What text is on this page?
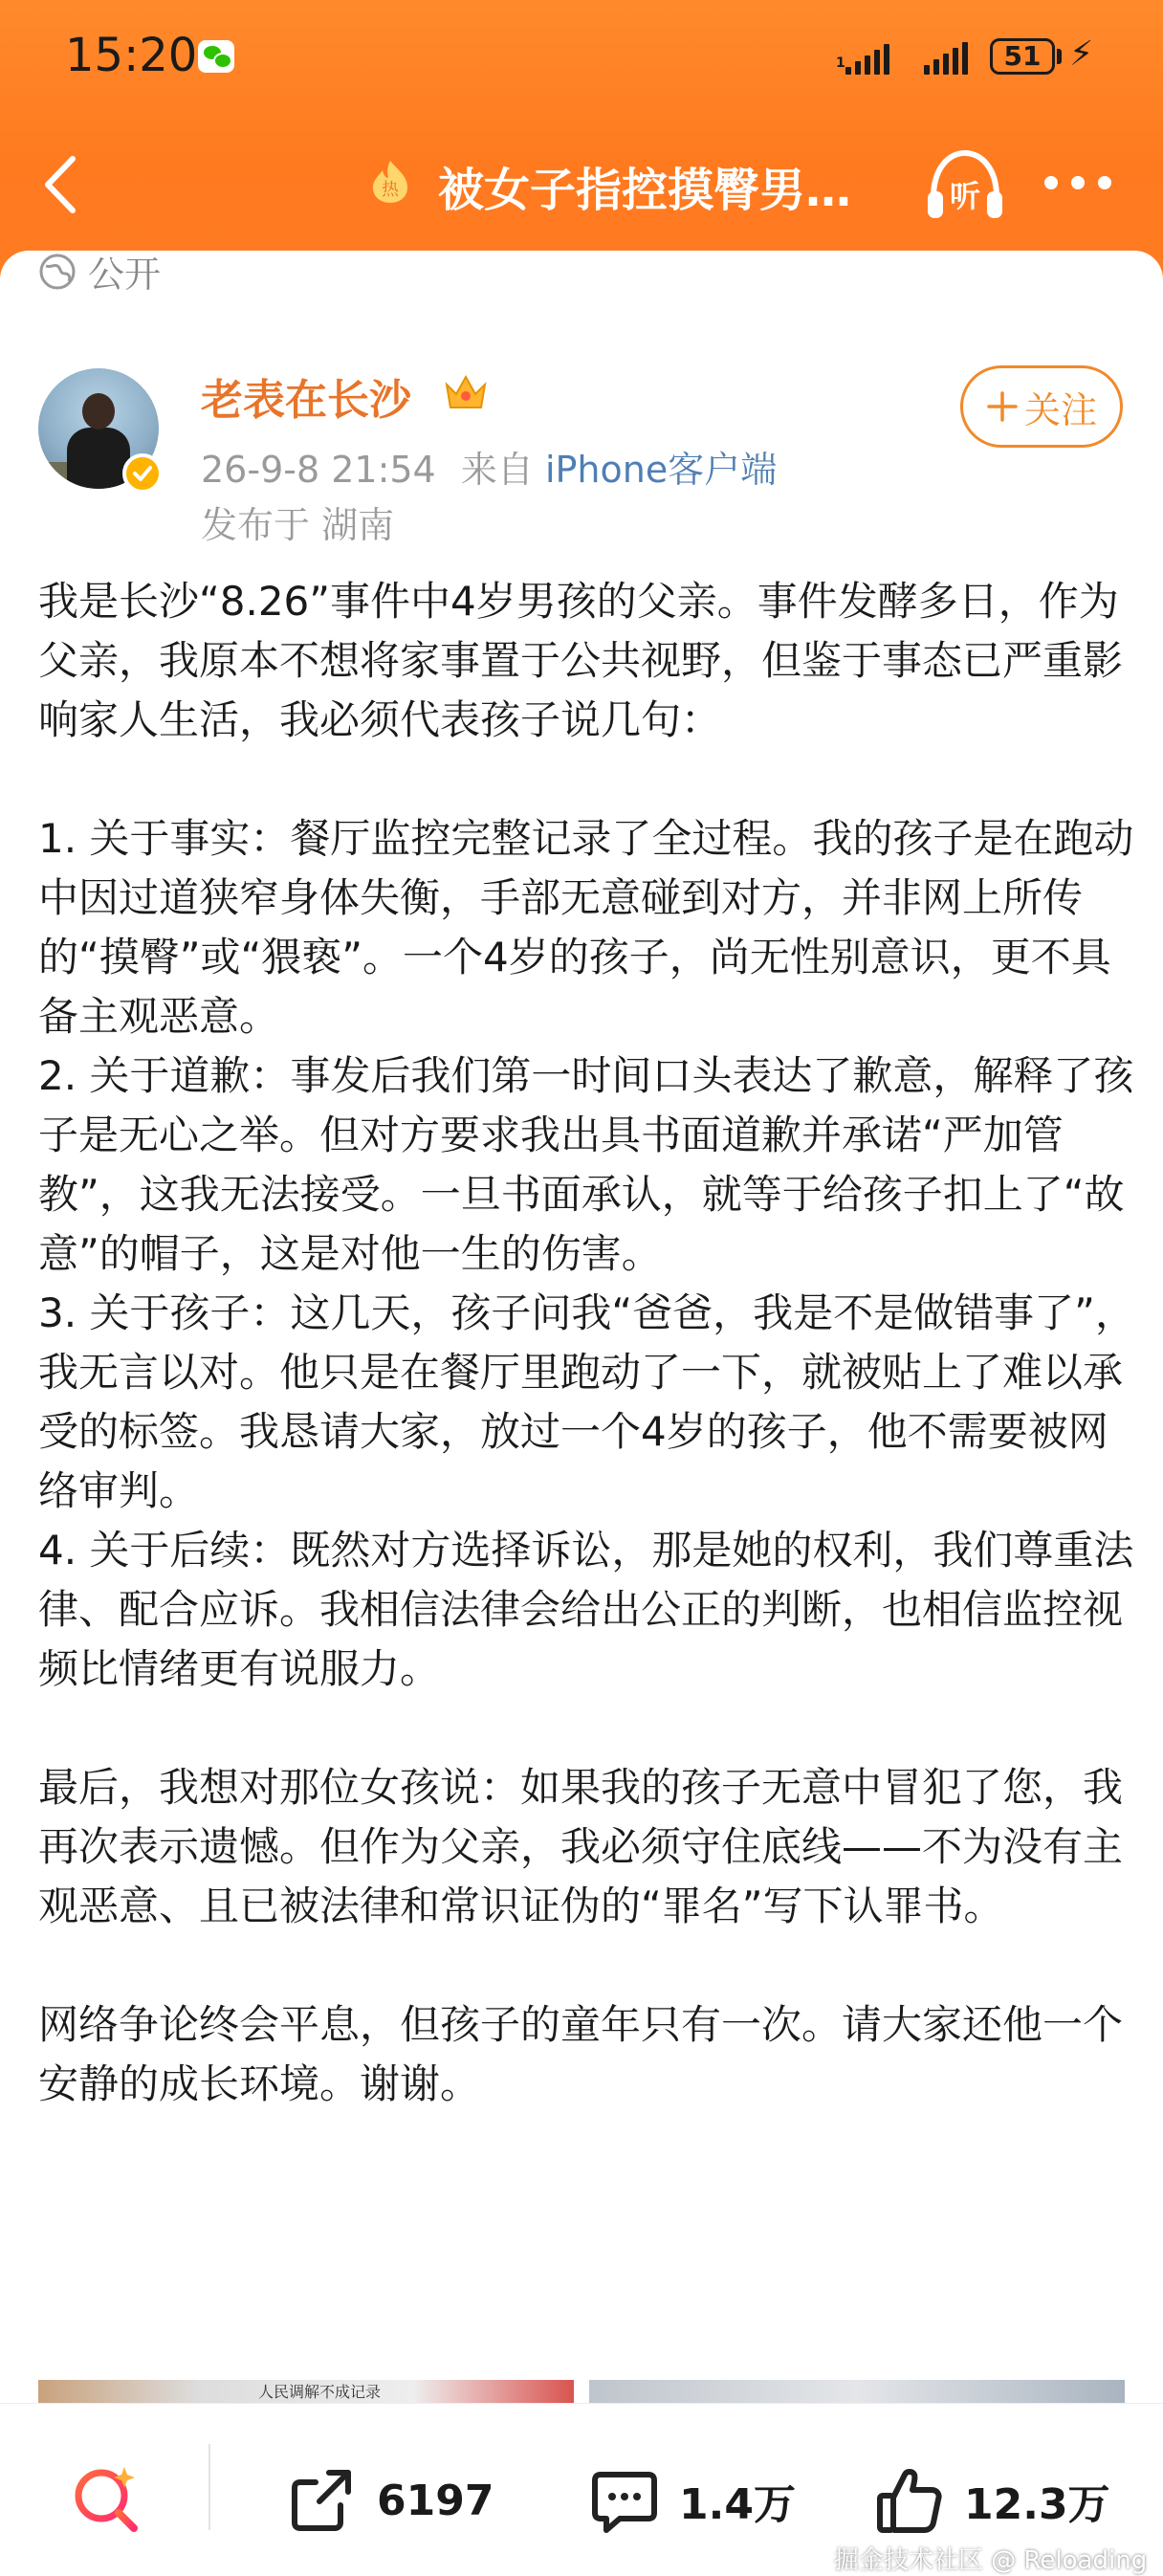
15:20	1	51 ⚡
热 被女子指控摸臀男…	听
公开
老表在长沙
26-9-8 21:54 来自 iPhone客户端
发布于 湖南
关注

我是长沙“8.26”事件中4岁男孩的父亲。事件发酵多日，作为父亲，我原本不想将家事置于公共视野，但鉴于事态已严重影响家人生活，我必须代表孩子说几句：

1. 关于事实：餐厅监控完整记录了全过程。我的孩子是在跑动中因过道狭窄身体失衡，手部无意碰到对方，并非网上所传的“摸臀”或“猥亵”。一个4岁的孩子，尚无性别意识，更不具备主观恶意。

2. 关于道歉：事发后我们第一时间口头表达了歉意，解释了孩子是无心之举。但对方要求我出具书面道歉并承诺“严加管教”，这我无法接受。一旦书面承认，就等于给孩子扣上了“故意”的帽子，这是对他一生的伤害。

3. 关于孩子：这几天，孩子问我“爸爸，我是不是做错事了”，我无言以对。他只是在餐厅里跑动了一下，就被贴上了难以承受的标签。我恳请大家，放过一个4岁的孩子，他不需要被网络审判。

4. 关于后续：既然对方选择诉讼，那是她的权利，我们尊重法律、配合应诉。我相信法律会给出公正的判断，也相信监控视频比情绪更有说服力。

最后，我想对那位女孩说：如果我的孩子无意中冒犯了您，我再次表示遗憾。但作为父亲，我必须守住底线——不为没有主观恶意、且已被法律和常识证伪的“罪名”写下认罪书。

网络争论终会平息，但孩子的童年只有一次。请大家还他一个安静的成长环境。谢谢。

人民调解不成记录
6197	1.4万	12.3万
掘金技术社区 @ Reloading
